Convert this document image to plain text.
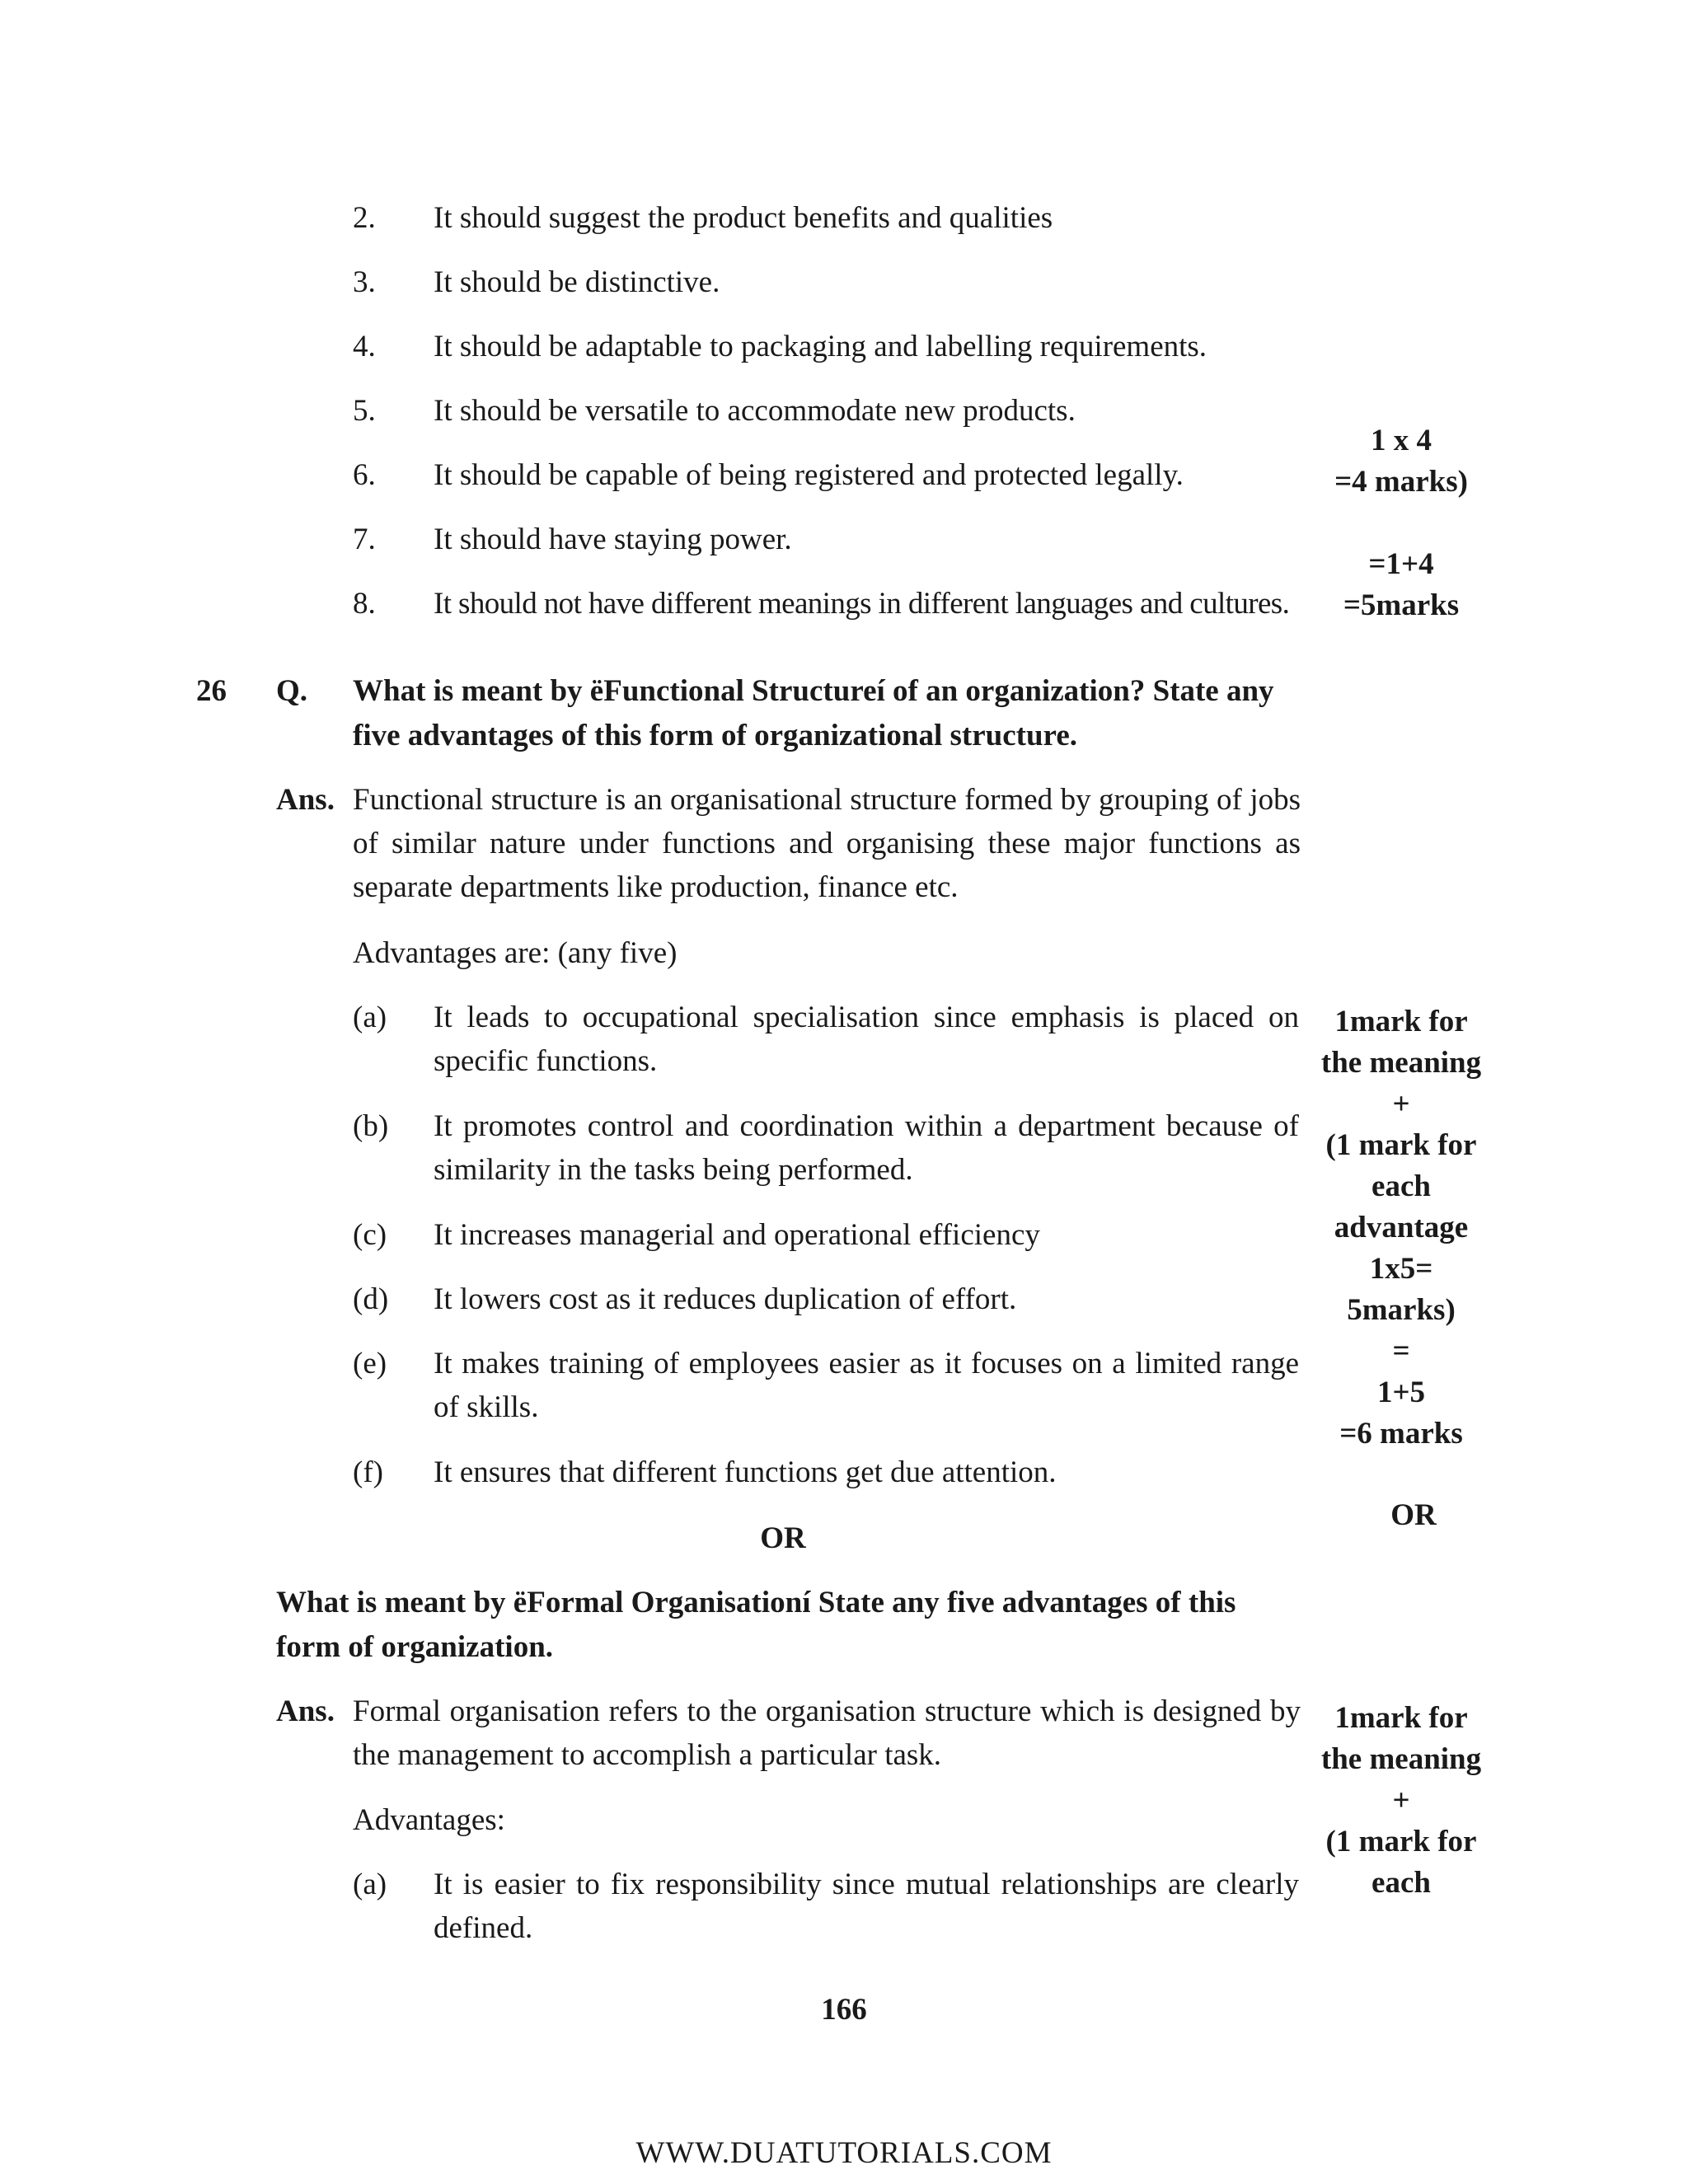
2.	It should suggest the product benefits and qualities
3.	It should be distinctive.
4.	It should be adaptable to packaging and labelling requirements.
5.	It should be versatile to accommodate new products.
6.	It should be capable of being registered and protected legally.
7.	It should have staying power.
8.	It should not have different meanings in different languages and cultures.
1 x 4
=4 marks)
=1+4
=5marks
26 Q. What is meant by ëFunctional Structureí of an organization? State any
five advantages of this form of organizational structure.
Ans. Functional structure is an organisational structure formed by grouping of jobs of similar nature under functions and organising these major functions as separate departments like production, finance etc.
Advantages are: (any five)
(a) It leads to occupational specialisation since emphasis is placed on specific functions.
(b) It promotes control and coordination within a department because of similarity in the tasks being performed.
(c) It increases managerial and operational efficiency
(d) It lowers cost as it reduces duplication of effort.
(e) It makes training of employees easier as it focuses on a limited range of skills.
(f) It ensures that different functions get due attention.
1mark for
the meaning
+
(1 mark for
each
advantage
1x5=
5marks)
=
1+5
=6 marks
OR
OR
What is meant by ëFormal Organisationí State any five advantages of this
form of organization.
Ans. Formal organisation refers to the organisation structure which is designed by the management to accomplish a particular task.
Advantages:
(a) It is easier to fix responsibility since mutual relationships are clearly defined.
1mark for
the meaning
+
(1 mark for
each
166
WWW.DUATUTORIALS.COM
